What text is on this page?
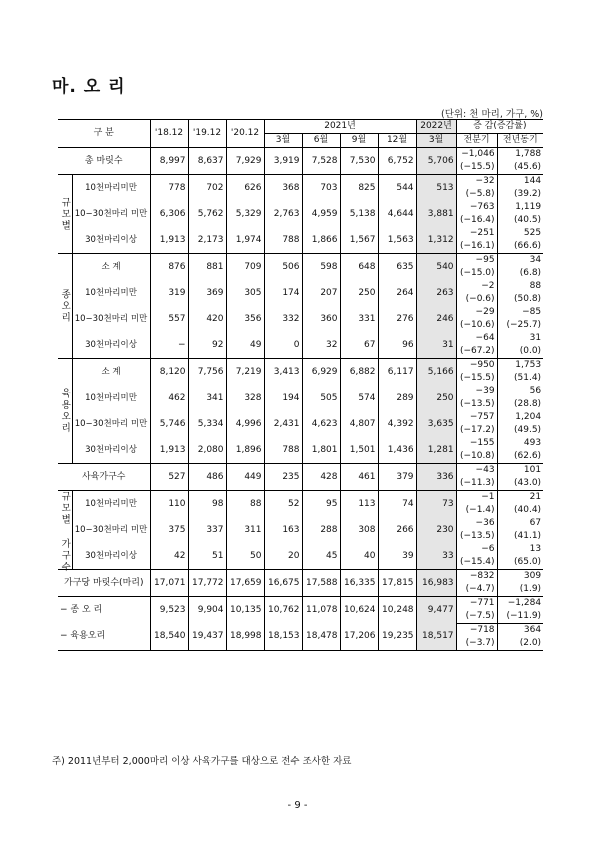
마. 오 리
(단위: 천 마리, 가구, %)
구 분		'18.12	'19.12	'20.12	2021년				2022년	증 감(증감률)	
					3월	6월	9월	12월	3월	전분기	전년동기
총 마릿수		8,997	8,637	7,929	3,919	7,528	7,530	6,752	5,706	−1,046	1,788
										(−15.5)	(45.6)
규모별	10천마리미만	778	702	626	368	703	825	544	513	−32	144
										(−5.8)	(39.2)
	10−30천마리 미만	6,306	5,762	5,329	2,763	4,959	5,138	4,644	3,881	−763	1,119
										(−16.4)	(40.5)
	30천마리이상	1,913	2,173	1,974	788	1,866	1,567	1,563	1,312	−251	525
										(−16.1)	(66.6)
종오리	소 계	876	881	709	506	598	648	635	540	−95	34
										(−15.0)	(6.8)
	10천마리미만	319	369	305	174	207	250	264	263	−2	88
										(−0.6)	(50.8)
	10−30천마리 미만	557	420	356	332	360	331	276	246	−29	−85
										(−10.6)	(−25.7)
	30천마리이상	−	92	49	0	32	67	96	31	−64	31
										(−67.2)	(0.0)
육용오리	소 계	8,120	7,756	7,219	3,413	6,929	6,882	6,117	5,166	−950	1,753
										(−15.5)	(51.4)
	10천마리미만	462	341	328	194	505	574	289	250	−39	56
										(−13.5)	(28.8)
	10−30천마리 미만	5,746	5,334	4,996	2,431	4,623	4,807	4,392	3,635	−757	1,204
										(−17.2)	(49.5)
	30천마리이상	1,913	2,080	1,896	788	1,801	1,501	1,436	1,281	−155	493
										(−10.8)	(62.6)
사육가구수		527	486	449	235	428	461	379	336	−43	101
										(−11.3)	(43.0)
규모별 가구수	10천마리미만	110	98	88	52	95	113	74	73	−1	21
										(−1.4)	(40.4)
	10−30천마리 미만	375	337	311	163	288	308	266	230	−36	67
										(−13.5)	(41.1)
	30천마리이상	42	51	50	20	45	40	39	33	−6	13
										(−15.4)	(65.0)
가구당 마릿수(마리)		17,071	17,772	17,659	16,675	17,588	16,335	17,815	16,983	−832	309
										(−4.7)	(1.9)
− 종 오 리		9,523	9,904	10,135	10,762	11,078	10,624	10,248	9,477	−771	−1,284
										(−7.5)	(−11.9)
− 육용오리		18,540	19,437	18,998	18,153	18,478	17,206	19,235	18,517	−718	364
										(−3.7)	(2.0)
주) 2011년부터 2,000마리 이상 사육가구를 대상으로 전수 조사한 자료
- 9 -
